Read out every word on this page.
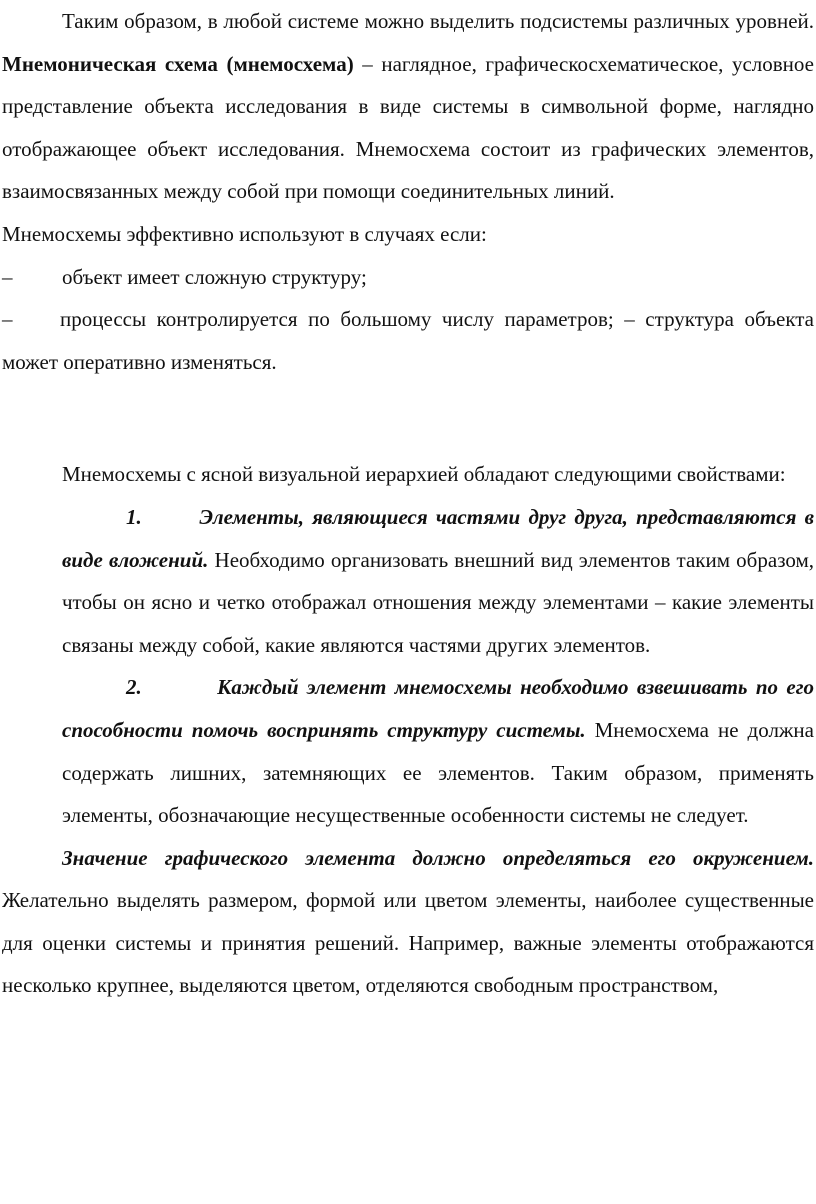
Таким образом, в любой системе можно выделить подсистемы различных уровней. Мнемоническая схема (мнемосхема) – наглядное, графическосхематическое, условное представление объекта исследования в виде системы в символьной форме, наглядно отображающее объект исследования. Мнемосхема состоит из графических элементов, взаимосвязанных между собой при помощи соединительных линий.

Мнемосхемы эффективно используют в случаях если:

–	объект имеет сложную структуру;

– процессы контролируется по большому числу параметров; – структура объекта может оперативно изменяться.

Мнемосхемы с ясной визуальной иерархией обладают следующими свойствами:

1.	Элементы, являющиеся частями друг друга, представляются в виде вложений. Необходимо организовать внешний вид элементов таким образом, чтобы он ясно и четко отображал отношения между элементами – какие элементы связаны между собой, какие являются частями других элементов.

2.	Каждый элемент мнемосхемы необходимо взвешивать по его способности помочь воспринять структуру системы. Мнемосхема не должна содержать лишних, затемняющих ее элементов. Таким образом, применять элементы, обозначающие несущественные особенности системы не следует.

Значение графического элемента должно определяться его окружением. Желательно выделять размером, формой или цветом элементы, наиболее существенные для оценки системы и принятия решений. Например, важные элементы отображаются несколько крупнее, выделяются цветом, отделяются свободным пространством,
